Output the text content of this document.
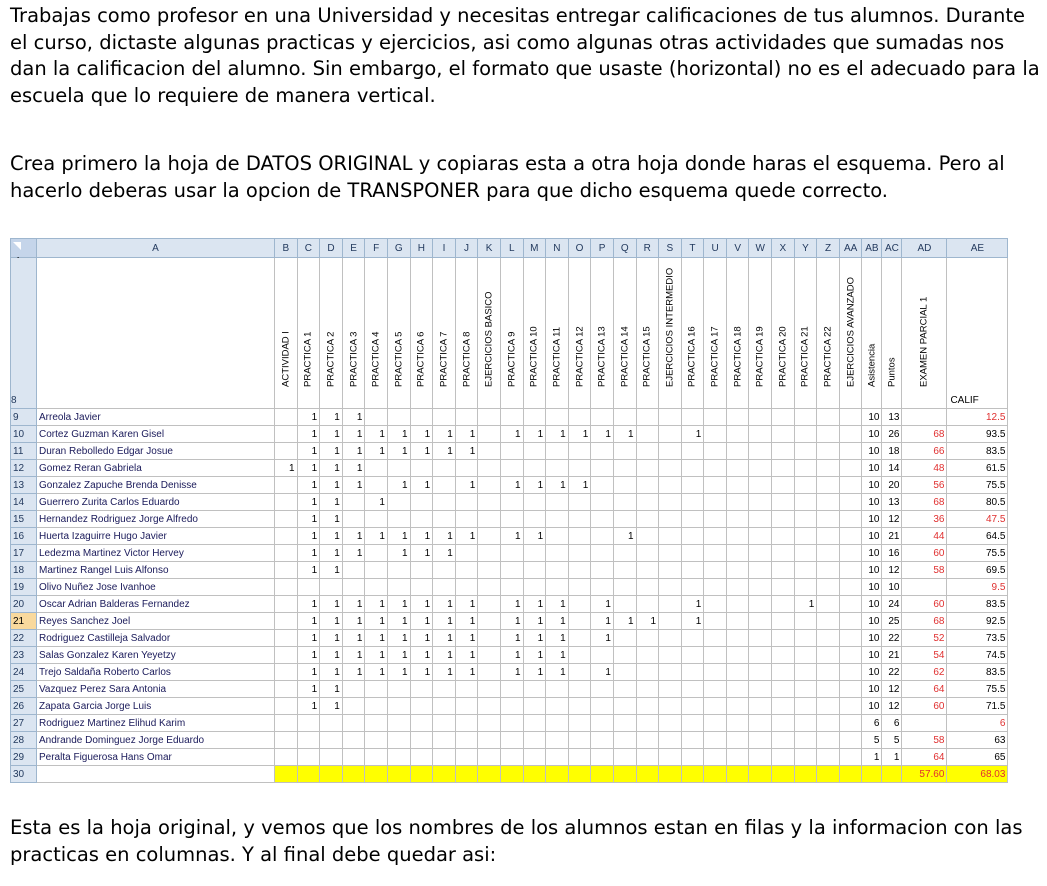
Trabajas como profesor en una Universidad y necesitas entregar calificaciones de tus alumnos. Durante el curso, dictaste algunas practicas y ejercicios, asi como algunas otras actividades que sumadas nos dan la calificacion del alumno. Sin embargo, el formato que usaste (horizontal) no es el adecuado para la escuela que lo requiere de manera vertical.

Crea primero la hoja de DATOS ORIGINAL y copiaras esta a otra hoja donde haras el esquema. Pero al hacerlo deberas usar la opcion de TRANSPONER para que dicho esquema quede correcto.

	A	B	C	D	E	F	G	H	I	J	K	L	M	N	O	P	Q	R	S	T	U	V	W	X	Y	Z	AA	AB	AC	AD	AE
8		ACTIVIDAD I	PRACTICA 1	PRACTICA 2	PRACTICA 3	PRACTICA 4	PRACTICA 5	PRACTICA 6	PRACTICA 7	PRACTICA 8	EJERCICIOS BASICO	PRACTICA 9	PRACTICA 10	PRACTICA 11	PRACTICA 12	PRACTICA 13	PRACTICA 14	PRACTICA 15	EJERCICIOS INTERMEDIO	PRACTICA 16	PRACTICA 17	PRACTICA 18	PRACTICA 19	PRACTICA 20	PRACTICA 21	PRACTICA 22	EJERCICIOS AVANZADO	Asistencia	Puntos	EXAMEN PARCIAL 1	CALIF
9	Arreola Javier		1	1	1																							10	13		12.5
10	Cortez Guzman Karen Gisel		1	1	1	1	1	1	1	1		1	1	1	1	1	1			1								10	26	68	93.5
11	Duran Rebolledo Edgar Josue		1	1	1	1	1	1	1	1																		10	18	66	83.5
12	Gomez Reran Gabriela	1	1	1	1																							10	14	48	61.5
13	Gonzalez Zapuche Brenda Denisse		1	1	1		1	1		1		1	1	1	1													10	20	56	75.5
14	Guerrero Zurita Carlos Eduardo		1	1		1																						10	13	68	80.5
15	Hernandez Rodriguez Jorge Alfredo		1	1																								10	12	36	47.5
16	Huerta Izaguirre Hugo Javier		1	1	1	1	1	1	1	1		1	1				1											10	21	44	64.5
17	Ledezma Martinez Victor Hervey		1	1	1		1	1	1																			10	16	60	75.5
18	Martinez Rangel Luis Alfonso		1	1																								10	12	58	69.5
19	Olivo Nuñez Jose Ivanhoe																											10	10		9.5
20	Oscar Adrian Balderas Fernandez		1	1	1	1	1	1	1	1		1	1	1		1				1					1			10	24	60	83.5
21	Reyes Sanchez Joel		1	1	1	1	1	1	1	1		1	1	1		1	1	1		1								10	25	68	92.5
22	Rodriguez Castilleja Salvador		1	1	1	1	1	1	1	1		1	1	1		1												10	22	52	73.5
23	Salas Gonzalez Karen Yeyetzy		1	1	1	1	1	1	1	1		1	1	1														10	21	54	74.5
24	Trejo Saldaña Roberto Carlos		1	1	1	1	1	1	1	1		1	1	1		1												10	22	62	83.5
25	Vazquez Perez Sara Antonia		1	1																								10	12	64	75.5
26	Zapata Garcia Jorge Luis		1	1																								10	12	60	71.5
27	Rodriguez Martinez Elihud Karim																											6	6		6
28	Andrande Dominguez Jorge Eduardo																											5	5	58	63
29	Peralta Figuerosa Hans Omar																											1	1	64	65
30																														57.60	68.03

Esta es la hoja original, y vemos que los nombres de los alumnos estan en filas y la informacion con las practicas en columnas. Y al final debe quedar asi:
